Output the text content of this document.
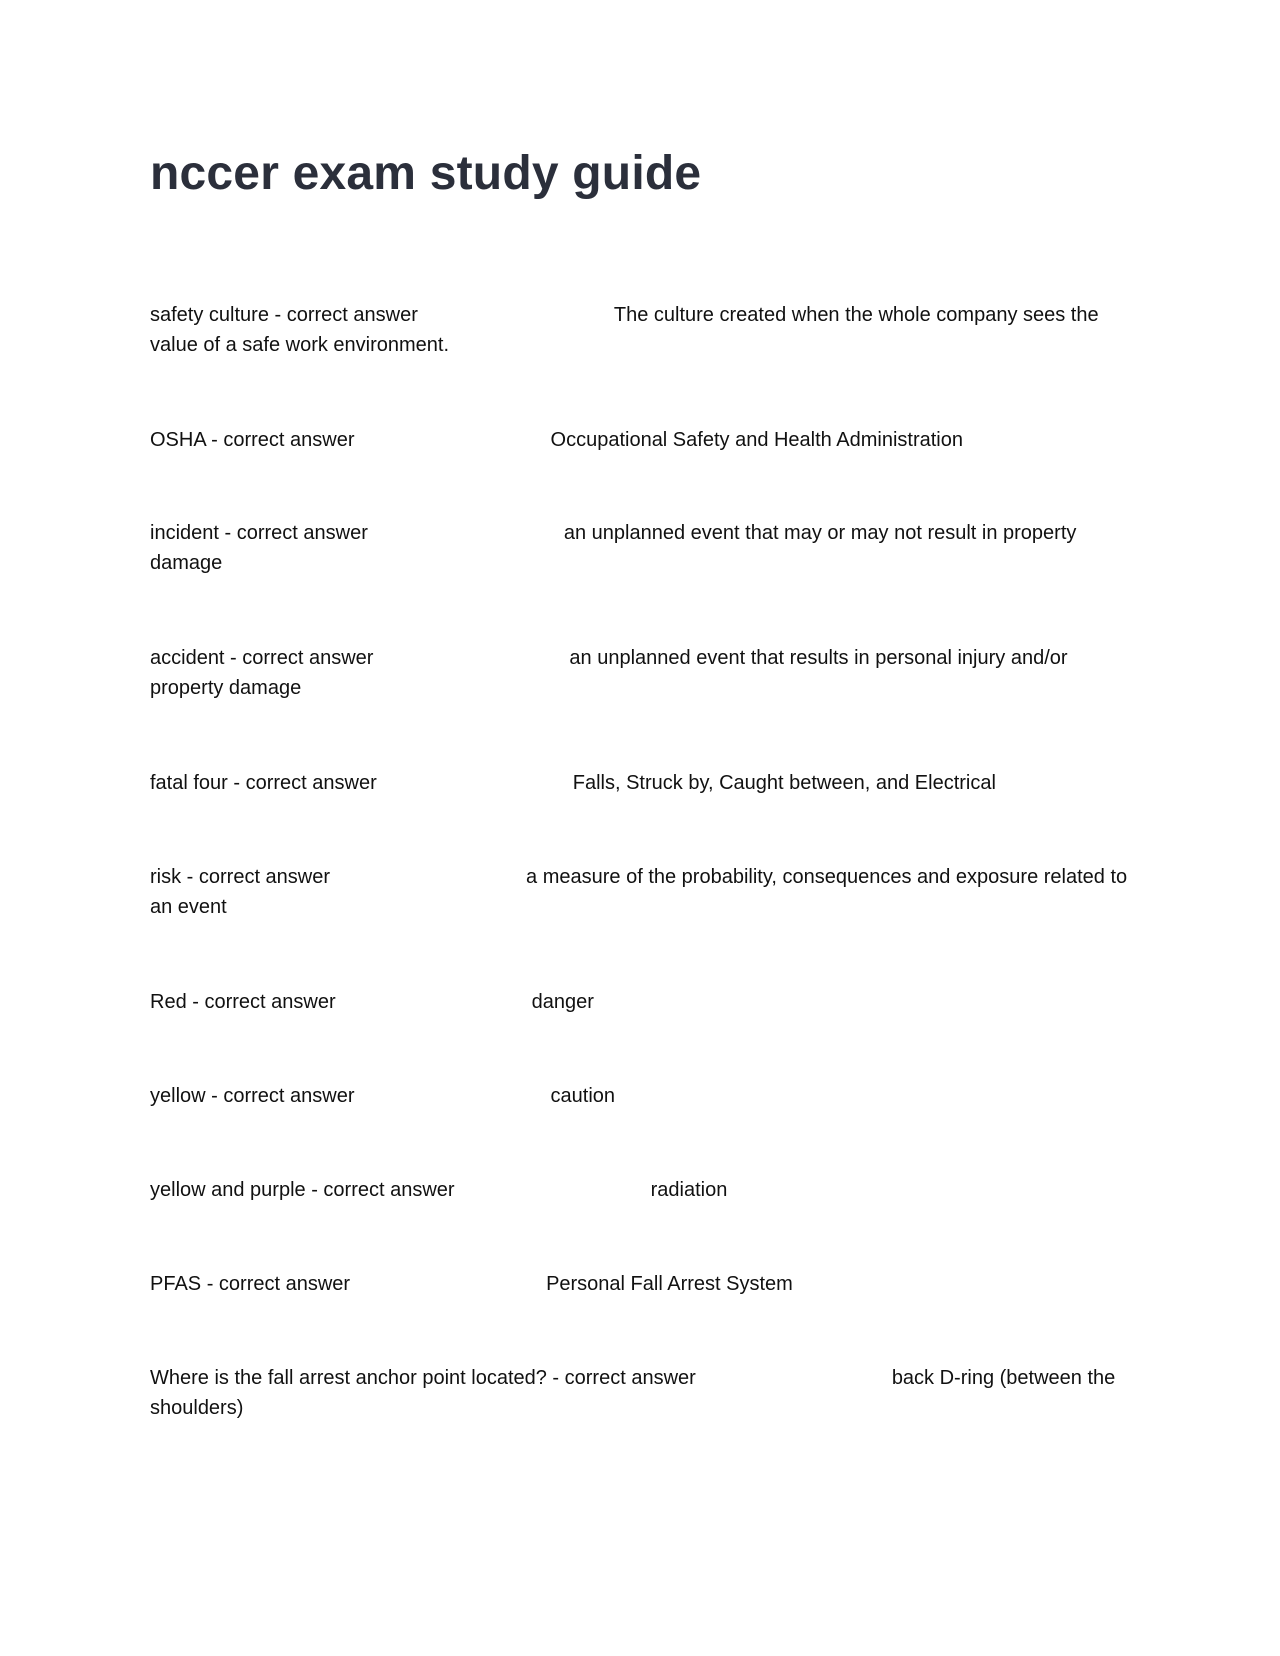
nccer exam study guide

safety culture - correct answer	The culture created when the whole company sees the value of a safe work environment.

OSHA - correct answer	Occupational Safety and Health Administration

incident - correct answer	an unplanned event that may or may not result in property damage

accident - correct answer	an unplanned event that results in personal injury and/or property damage

fatal four - correct answer	Falls, Struck by, Caught between, and Electrical

risk - correct answer	a measure of the probability, consequences and exposure related to an event

Red - correct answer	danger

yellow - correct answer	caution

yellow and purple - correct answer	radiation

PFAS - correct answer	Personal Fall Arrest System

Where is the fall arrest anchor point located? - correct answer	back D-ring (between the shoulders)
